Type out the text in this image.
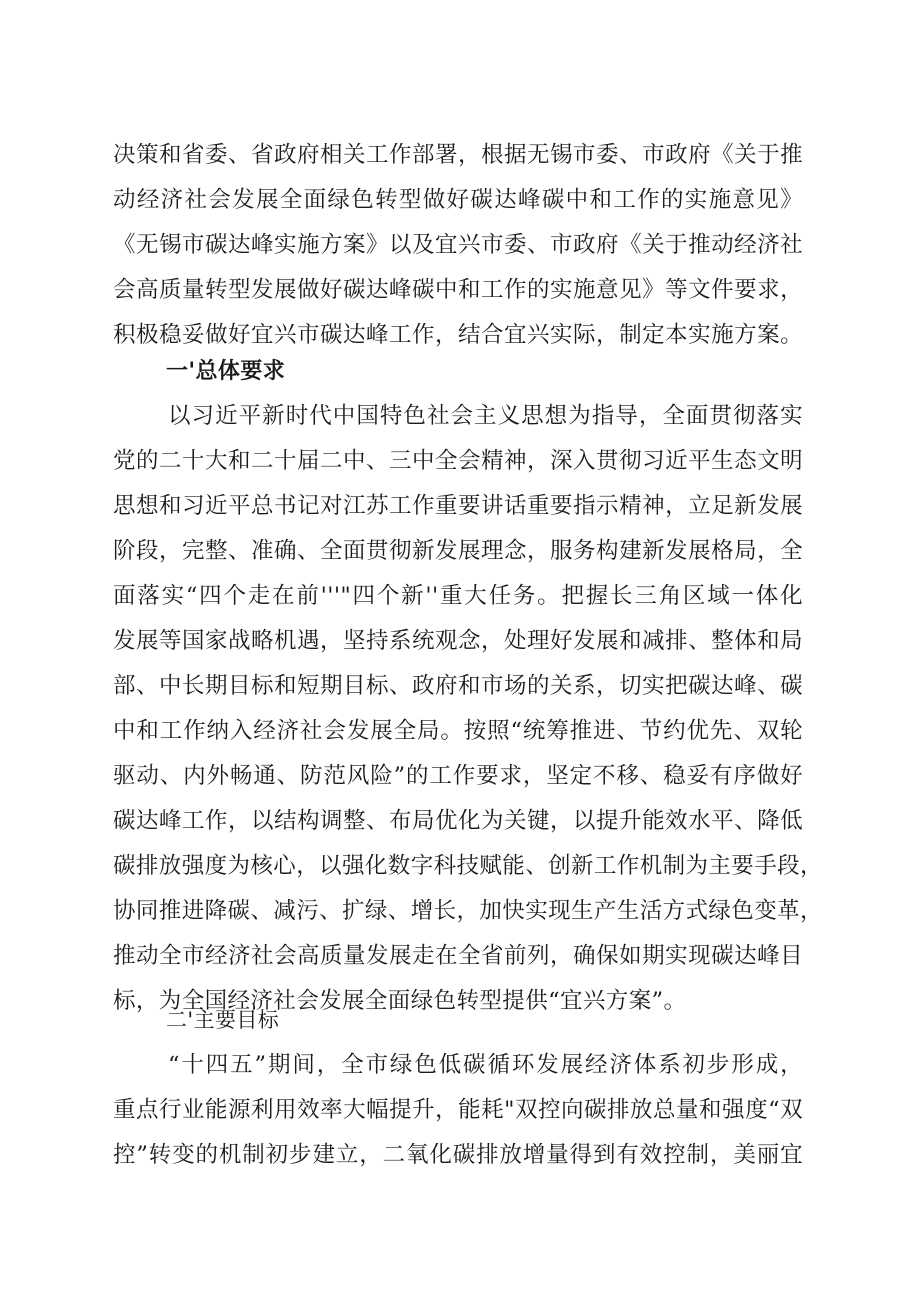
决策和省委、省政府相关工作部署，根据无锡市委、市政府《关于推
动经济社会发展全面绿色转型做好碳达峰碳中和工作的实施意见》
《无锡市碳达峰实施方案》以及宜兴市委、市政府《关于推动经济社
会高质量转型发展做好碳达峰碳中和工作的实施意见》等文件要求，
积极稳妥做好宜兴市碳达峰工作，结合宜兴实际，制定本实施方案。
一'总体要求
以习近平新时代中国特色社会主义思想为指导，全面贯彻落实
党的二十大和二十届二中、三中全会精神，深入贯彻习近平生态文明
思想和习近平总书记对江苏工作重要讲话重要指示精神，立足新发展
阶段，完整、准确、全面贯彻新发展理念，服务构建新发展格局，全
面落实“四个走在前'''"四个新''重大任务。把握长三角区域一体化
发展等国家战略机遇，坚持系统观念，处理好发展和减排、整体和局
部、中长期目标和短期目标、政府和市场的关系，切实把碳达峰、碳
中和工作纳入经济社会发展全局。按照“统筹推进、节约优先、双轮
驱动、内外畅通、防范风险”的工作要求，坚定不移、稳妥有序做好
碳达峰工作，以结构调整、布局优化为关键，以提升能效水平、降低
碳排放强度为核心，以强化数字科技赋能、创新工作机制为主要手段，
协同推进降碳、减污、扩绿、增长，加快实现生产生活方式绿色变革，
推动全市经济社会高质量发展走在全省前列，确保如期实现碳达峰目
标，为全国经济社会发展全面绿色转型提供“宜兴方案”。
二'主要目标
“十四五”期间，全市绿色低碳循环发展经济体系初步形成，
重点行业能源利用效率大幅提升，能耗"双控向碳排放总量和强度“双
控”转变的机制初步建立，二氧化碳排放增量得到有效控制，美丽宜
